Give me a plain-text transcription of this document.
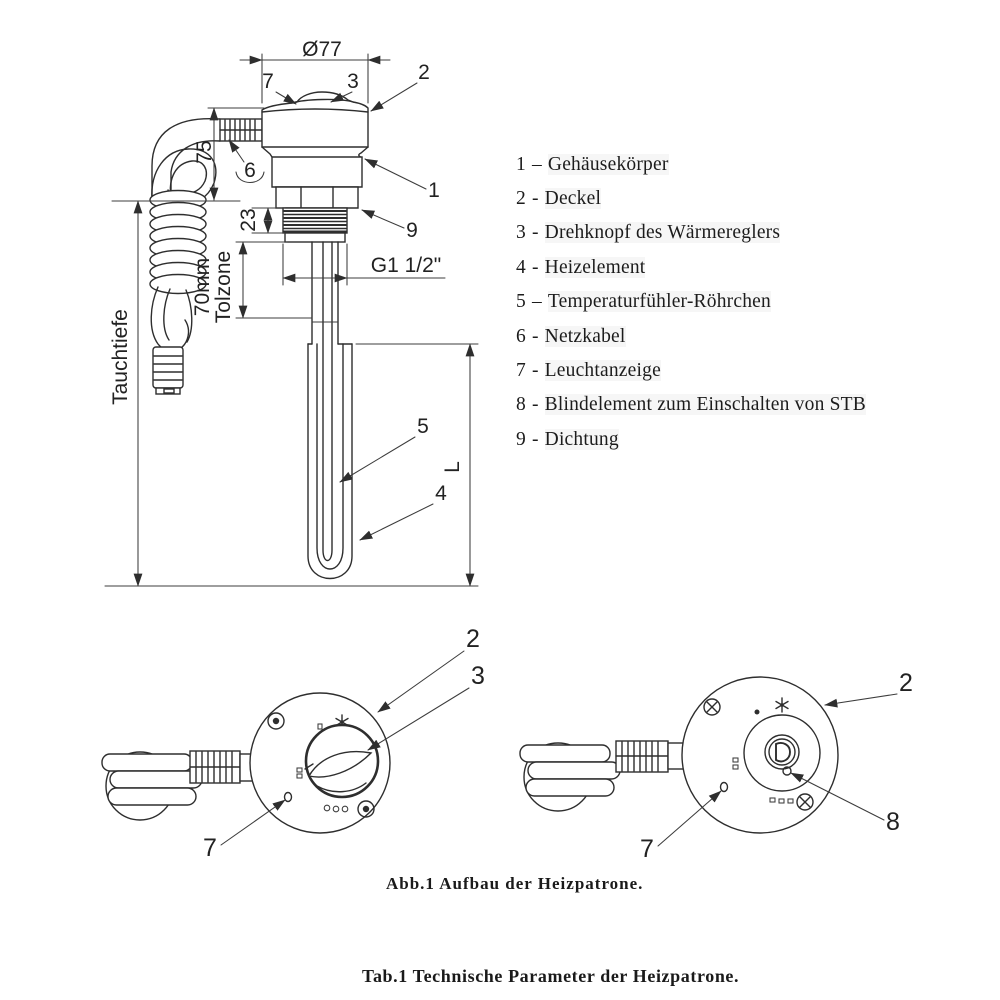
Ø77
75
Tauchtiefe
23
70mm
Tolzone	G1 1/2"
L
7	3	2
6
1
9
5
4
2
3
7
2
7
8
1 – Gehäusekörper
2 - Deckel
3 - Drehknopf des Wärmereglers
4 - Heizelement
5 – Temperaturfühler-Röhrchen
6 - Netzkabel
7 - Leuchtanzeige
8 - Blindelement zum Einschalten von STB
9 - Dichtung
Abb.1 Aufbau der Heizpatrone.
Tab.1 Technische Parameter der Heizpatrone.
